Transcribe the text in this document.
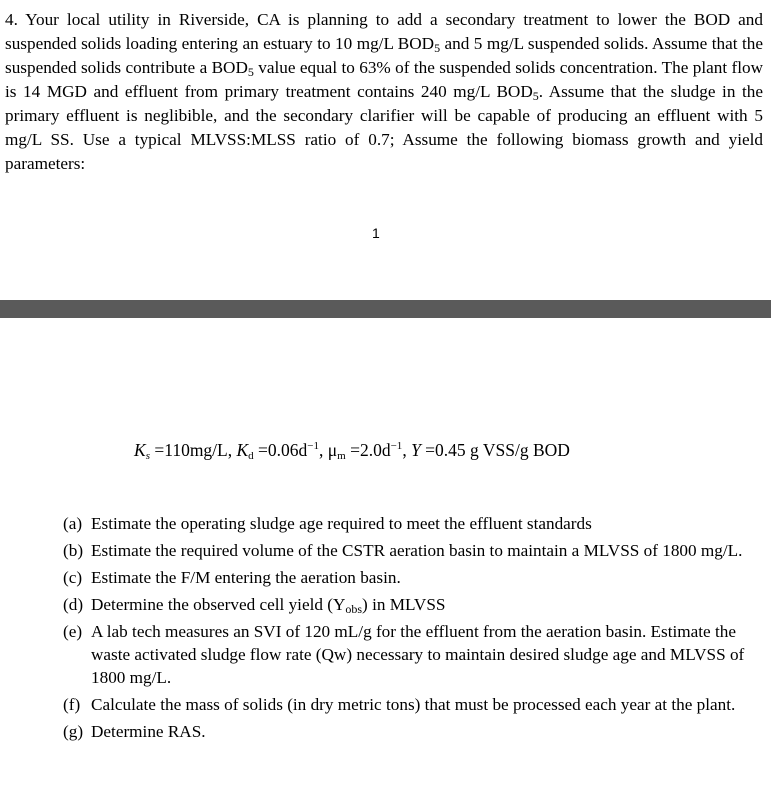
4. Your local utility in Riverside, CA is planning to add a secondary treatment to lower the BOD and suspended solids loading entering an estuary to 10 mg/L $BOD_5$ and 5 mg/L suspended solids. Assume that the suspended solids contribute a $BOD_5$ value equal to 63% of the suspended solids concentration. The plant flow is 14 MGD and effluent from primary treatment contains 240 mg/L $BOD_5$. Assume that the sludge in the primary effluent is neglibible, and the secondary clarifier will be capable of producing an effluent with 5 mg/L SS. Use a typical MLVSS:MLSS ratio of 0.7; Assume the following biomass growth and yield parameters:

1
$K_s =110mg/L$, $K_d =0.06d^{-1}$, $\mu_m =2.0d^{-1}$, Y =0.45 g VSS/g BOD
(a) Estimate the operating sludge age required to meet the effluent standards
(b) Estimate the required volume of the CSTR aeration basin to maintain a MLVSS of 1800 mg/L.
(c) Estimate the F/M entering the aeration basin.
(d) Determine the observed cell yield $(Y_{obs})$ in MLVSS
(e) A lab tech measures an SVI of 120 mL/g for the effluent from the aeration basin. Estimate the waste activated sludge flow rate (Qw) necessary to maintain desired sludge age and MLVSS of 1800 mg/L.
(f) Calculate the mass of solids (in dry metric tons) that must be processed each year at the plant.
(g) Determine RAS.
